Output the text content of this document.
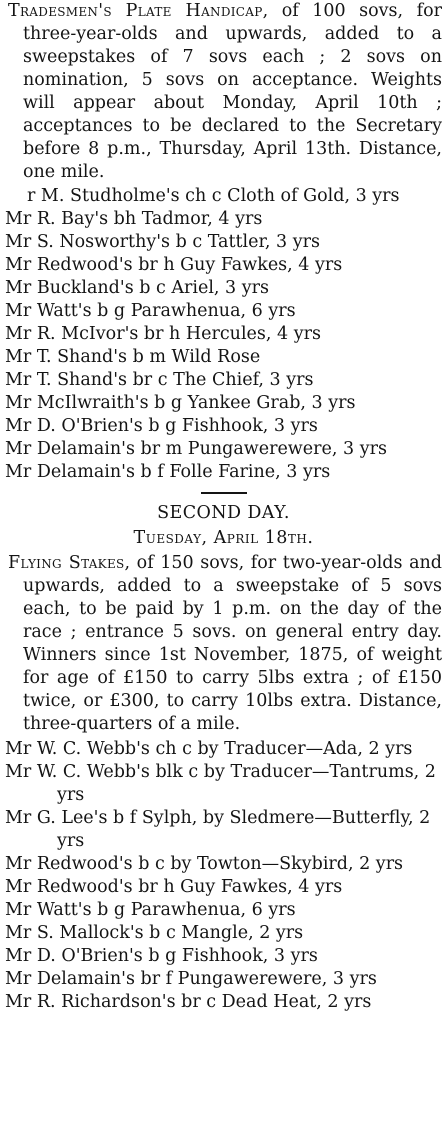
Tradesmen's Plate Handicap, of 100 sovs, for three-year-olds and upwards, added to a sweepstakes of 7 sovs each ; 2 sovs on nomination, 5 sovs on acceptance. Weights will appear about Monday, April 10th ; acceptances to be declared to the Secretary before 8 p.m., Thursday, April 13th. Distance, one mile.

r M. Studholme's ch c Cloth of Gold, 3 yrs
Mr R. Bay's bh Tadmor, 4 yrs
Mr S. Nosworthy's b c Tattler, 3 yrs
Mr Redwood's br h Guy Fawkes, 4 yrs
Mr Buckland's b c Ariel, 3 yrs
Mr Watt's b g Parawhenua, 6 yrs
Mr R. McIvor's br h Hercules, 4 yrs
Mr T. Shand's b m Wild Rose
Mr T. Shand's br c The Chief, 3 yrs
Mr McIlwraith's b g Yankee Grab, 3 yrs
Mr D. O'Brien's b g Fishhook, 3 yrs
Mr Delamain's br m Pungawerewere, 3 yrs
Mr Delamain's b f Folle Farine, 3 yrs

SECOND DAY.

Tuesday, April 18th.

Flying Stakes, of 150 sovs, for two-year-olds and upwards, added to a sweepstake of 5 sovs each, to be paid by 1 p.m. on the day of the race ; entrance 5 sovs. on general entry day. Winners since 1st November, 1875, of weight for age of £150 to carry 5lbs extra ; of £150 twice, or £300, to carry 10lbs extra. Distance, three-quarters of a mile.

Mr W. C. Webb's ch c by Traducer—Ada, 2 yrs
Mr W. C. Webb's blk c by Traducer—Tantrums, 2 yrs
Mr G. Lee's b f Sylph, by Sledmere—Butterfly, 2 yrs
Mr Redwood's b c by Towton—Skybird, 2 yrs
Mr Redwood's br h Guy Fawkes, 4 yrs
Mr Watt's b g Parawhenua, 6 yrs
Mr S. Mallock's b c Mangle, 2 yrs
Mr D. O'Brien's b g Fishhook, 3 yrs
Mr Delamain's br f Pungawerewere, 3 yrs
Mr R. Richardson's br c Dead Heat, 2 yrs
